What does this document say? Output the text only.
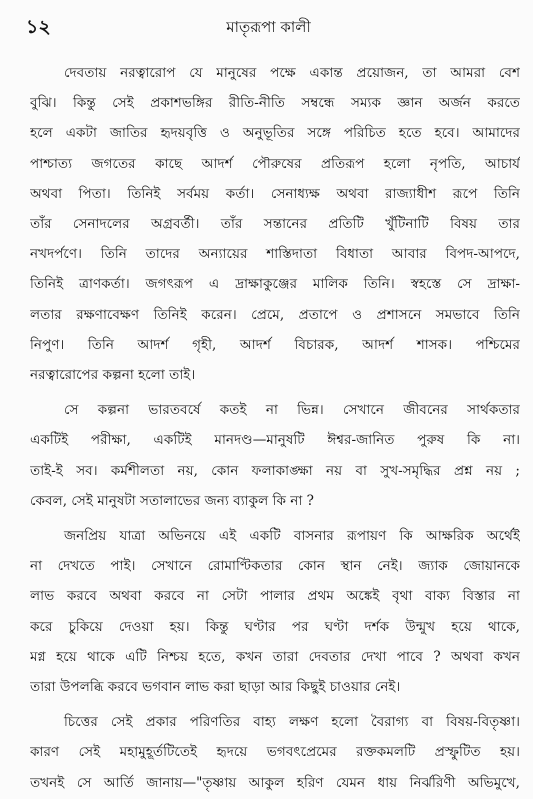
১২	মাতৃরূপা কালী
দেবতায় নরত্বারোপ যে মানুষের পক্ষে একান্ত প্রয়োজন, তা আমরা বেশ
বুঝি। কিন্তু সেই প্রকাশভঙ্গির রীতি-নীতি সম্বন্ধে সম্যক জ্ঞান অর্জন করতে
হলে একটা জাতির হৃদয়বৃত্তি ও অনুভূতির সঙ্গে পরিচিত হতে হবে। আমাদের
পাশ্চাত্য জগতের কাছে আদর্শ পৌরুষের প্রতিরূপ হলো নৃপতি, আচার্য
অথবা পিতা। তিনিই সর্বময় কর্তা। সেনাধ্যক্ষ অথবা রাজ্যাধীশ রূপে তিনি
তাঁর সেনাদলের অগ্রবর্তী। তাঁর সন্তানের প্রতিটি খুঁটিনাটি বিষয় তার
নখদর্পণে। তিনি তাদের অন্যায়ের শাস্তিদাতা বিধাতা আবার বিপদ-আপদে,
তিনিই ত্রাণকর্তা। জগৎরূপ এ দ্রাক্ষাকুঞ্জের মালিক তিনি। স্বহস্তে সে দ্রাক্ষা-
লতার রক্ষণাবেক্ষণ তিনিই করেন। প্রেমে, প্রতাপে ও প্রশাসনে সমভাবে তিনি
নিপুণ। তিনি আদর্শ গৃহী, আদর্শ বিচারক, আদর্শ শাসক। পশ্চিমের
নরত্বারোপের কল্পনা হলো তাই।
সে কল্পনা ভারতবর্ষে কতই না ভিন্ন। সেখানে জীবনের সার্থকতার
একটিই পরীক্ষা, একটিই মানদণ্ড—মানুষটি ঈশ্বর-জানিত পুরুষ কি না।
তাই-ই সব। কর্মশীলতা নয়, কোন ফলাকাঙ্ক্ষা নয় বা সুখ-সমৃদ্ধির প্রশ্ন নয় ;
কেবল, সেই মানুষটা সতালাভের জন্য ব্যাকুল কি না ?
জনপ্রিয় যাত্রা অভিনয়ে এই একটি বাসনার রূপায়ণ কি আক্ষরিক অর্থেই
না দেখতে পাই। সেখানে রোমাণ্টিকতার কোন স্থান নেই। জ্যাক জোয়ানকে
লাভ করবে অথবা করবে না সেটা পালার প্রথম অঙ্কেই বৃথা বাক্য বিস্তার না
করে চুকিয়ে দেওয়া হয়। কিন্তু ঘণ্টার পর ঘণ্টা দর্শক উন্মুখ হয়ে থাকে,
মগ্ন হয়ে থাকে এটি নিশ্চয় হতে, কখন তারা দেবতার দেখা পাবে ? অথবা কখন
তারা উপলব্ধি করবে ভগবান লাভ করা ছাড়া আর কিছুই চাওয়ার নেই।
চিত্তের সেই প্রকার পরিণতির বাহ্য লক্ষণ হলো বৈরাগ্য বা বিষয়-বিতৃষ্ণা।
কারণ সেই মহামুহূর্তটিতেই হৃদয়ে ভগবৎপ্রেমের রক্তকমলটি প্রস্ফুটিত হয়।
তখনই সে আর্তি জানায়—"তৃষ্ণায় আকুল হরিণ যেমন ধায় নির্ঝরিণী অভিমুখে,
